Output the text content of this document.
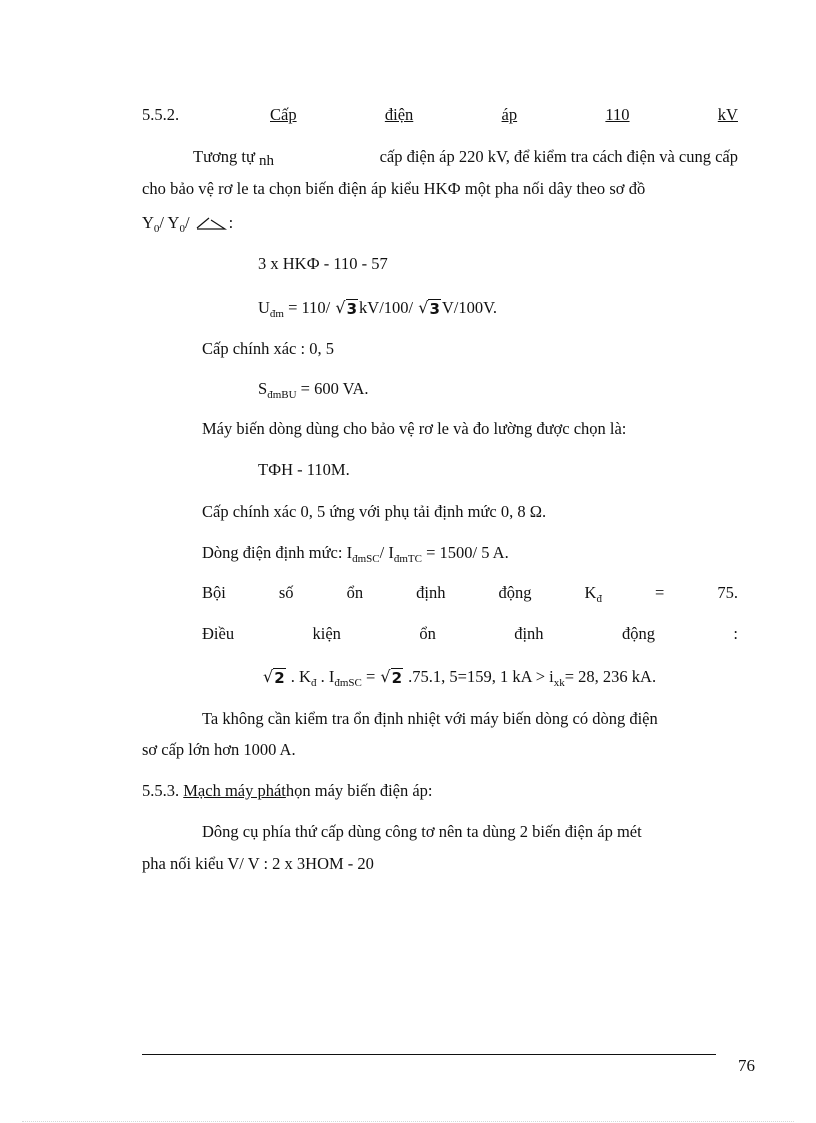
5.5.2.	Cấp	điện	áp	110	kV
Tương tự nh	cấp điện áp 220 kV, để kiểm tra cách điện và cung cấp
cho bảo vệ rơ le ta chọn biến điện áp kiểu HKФ một pha nối dây theo sơ đồ
$Y_0/$ $Y_0/$ :
3 x HKФ - 110 - 57
$U_{đm} = 110/$ √ 3 kV/100/ √ 3 V/100V.
Cấp chính xác : 0, 5
$S_{đmBU} = 600$ VA.
Máy biến dòng dùng cho bảo vệ rơ le và đo lường được chọn là:
TФH - 110M.
Cấp chính xác 0, 5 ứng với phụ tải định mức 0, 8 Ω.
Dòng điện định mức: $I_{đmSC}/$ $I_{đmTC} = 1500/$ 5 A.
Bội	số	ổn	định	động	$K_đ$	=	75.
Điều	kiện	ổn	định	động	:
√ 2 . $K_đ$ . $I_{đmSC}$ = √ 2 .75.1, 5=159, 1 kA > $i_{xk}= 28$, 236 kA.
Ta không cần kiểm tra ổn định nhiệt với máy biến dòng có dòng điện
sơ cấp lớn hơn 1000 A.
5.5.3. Mạch máy pháthọn máy biến điện áp:
Dông cụ phía thứ cấp dùng công tơ nên ta dùng 2 biến điện áp mét
pha nối kiểu V/ V : 2 x 3HOM - 20
76
